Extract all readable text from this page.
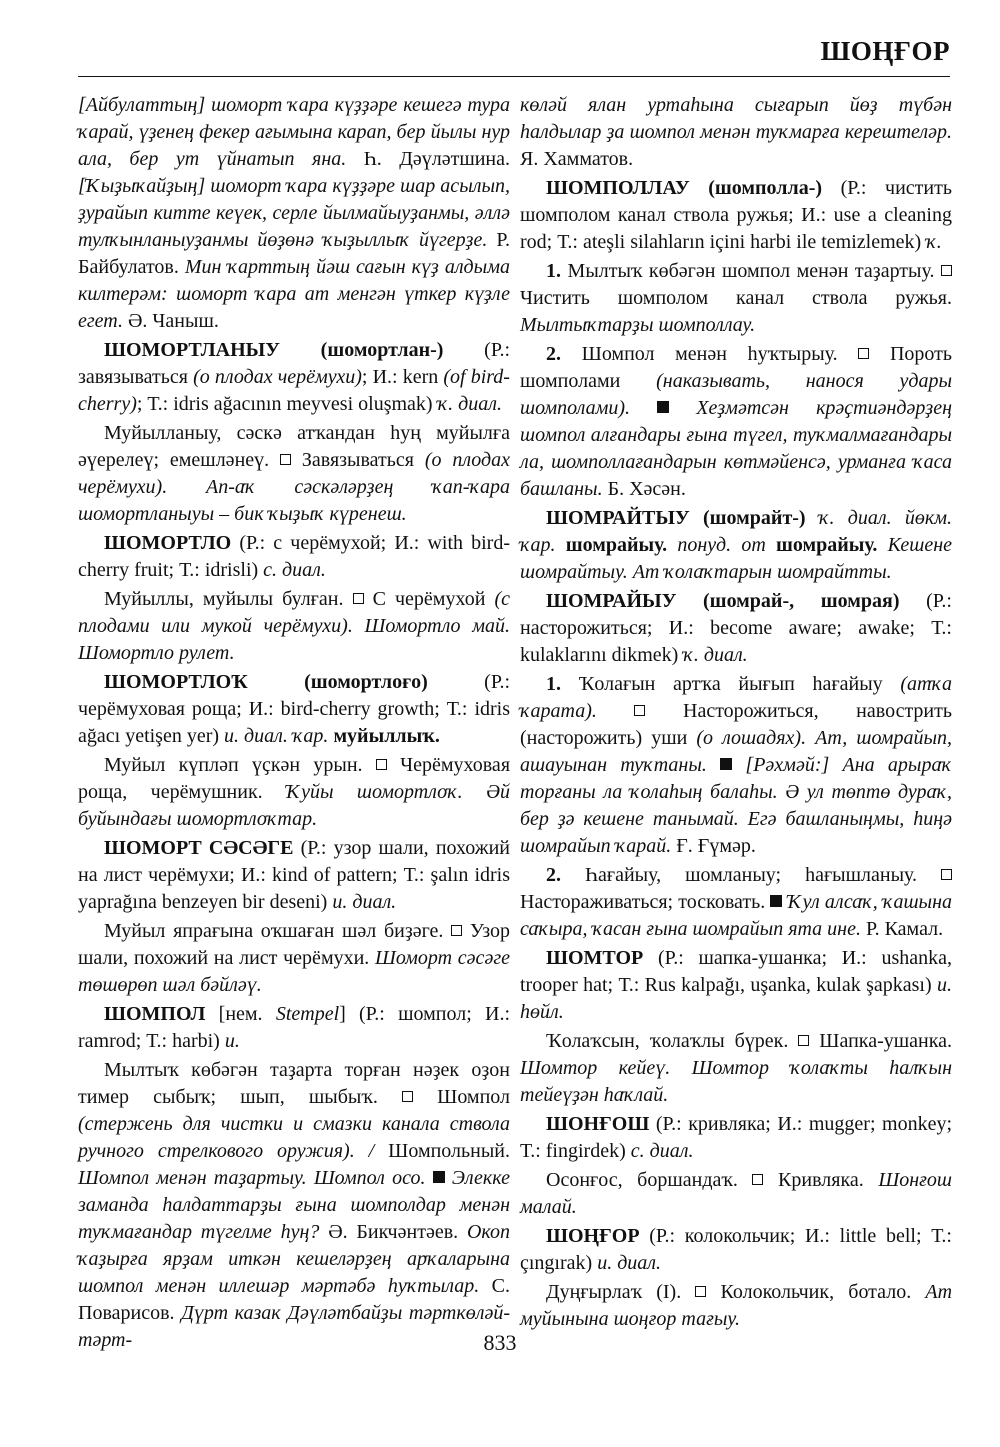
ШОҢҒОР

[Айбулаттың] шоморт ҡара күҙҙәре кешегә тура ҡарай, үҙенең фекер ағымына карап, бер йылы нур ала, бер ут үйнатып яна. Һ. Дәүләтшина. [Ҡыҙыҡайҙың] шоморт ҡара күҙҙәре шар асылып, ҙурайып китте кеүек, серле йылмайыуҙанмы, әллә тулҡынланыуҙанмы йөҙөнә ҡыҙыллыҡ йүгерҙе. Р. Байбулатов. Мин ҡарттың йәш сағын күҙ алдыма килтерәм: шоморт ҡара ат менгән үткер күҙле егет. Ә. Чаныш.

ШОМОРТЛАНЫУ (шомортлан-) (Р.: завязываться (о плодах черёмухи); И.: kern (of bird-cherry); Т.: idris ağacının meyvesi oluşmak) ҡ. диал.

Муйылланыу, сәскә атҡандан һуң муйылға әүерелеү; емешләнеү. Завязываться (о плодах черёмухи). Ап-аҡ сәскәләрҙең ҡап-ҡара шомортланыуы – бик ҡыҙыҡ күренеш.

ШОМОРТЛО (Р.: с черёмухой; И.: with bird-cherry fruit; Т.: idrisli) с. диал.

Муйыллы, муйылы булған. С черёмухой (с плодами или мукой черёмухи). Шомортло май. Шомортло рулет.

ШОМОРТЛОҠ (шомортлоғо) (Р.: черёмуховая роща; И.: bird-cherry growth; Т.: idris ağacı yetişen yer) и. диал. ҡар. муйыллыҡ.

Муйыл күпләп үҫкән урын. Черёмуховая роща, черёмушник. Ҡуйы шомортлоҡ. Әй буйындағы шомортлоҡтар.

ШОМОРТ СӘСӘГЕ (Р.: узор шали, похожий на лист черёмухи; И.: kind of pattern; Т.: şalın idris yaprağına benzeyen bir deseni) и. диал.

Муйыл япрағына оҡшаған шәл биҙәге. Узор шали, похожий на лист черёмухи. Шоморт сәсәге төшөрөп шәл бәйләү.

ШОМПОЛ [нем. Stempel] (Р.: шомпол; И.: ramrod; Т.: harbi) и.

Мылтыҡ көбәгән таҙарта торған нәҙек оҙон тимер сыбыҡ; шып, шыбыҡ.	Шомпол (стержень для чистки и смазки канала ствола ручного стрелкового оружия). / Шомпольный. Шомпол менән таҙартыу. Шомпол осо. Элекке заманда һалдаттарҙы ғына шомполдар менән туҡмағандар түгелме һуң? Ә. Бикчәнтәев. Окоп ҡаҙырға ярҙам иткән кешеләрҙең арҡаларына шомпол менән иллешәр мәртәбә һуҡтылар. С. Поварисов. Дүрт казак Дәүләтбайҙы тәрткөләй-тәрт-

көләй ялан уртаһына сығарып йөҙ түбән һалдылар ҙа шомпол менән туҡмарға керештеләр. Я. Хамматов.

ШОМПОЛЛАУ (шомполла-) (Р.: чистить шомполом канал ствола ружья; И.: use a cleaning rod; Т.: ateşli silahların içini harbi ile temizlemek) ҡ.

1. Мылтыҡ көбәгән шомпол менән таҙартыу.  Чистить шомполом канал ствола ружья. Мылтыҡтарҙы шомполлау.

2. Шомпол менән һуҡтырыу.	Пороть шомполами (наказывать, нанося удары шомполами).	Хеҙмәтсән крәҫтиәндәрҙең шомпол алғандары ғына түгел, туҡмалмағандары ла, шомполлағандарын көтмәйенсә, урманға ҡаса башланы. Б. Хәсән.

ШОМРАЙТЫУ (шомрайт-) ҡ. диал. йөкм. ҡар. шомрайыу. понуд. от шомрайыу. Кешене шомрайтыу. Ат ҡолаҡтарын шомрайтты.

ШОМРАЙЫУ (шомрай-, шомрая) (Р.: насторожиться; И.: become aware; awake; Т.: kulaklarını dikmek) ҡ. диал.

1. Ҡолағын артҡа йығып һағайыу (атҡа ҡарата).	Насторожиться, навострить (насторожить) уши (о лошадях). Ат, шомрайып, ашауынан туҡтаны. [Рәхмәй:] Ана арыраҡ торғаны ла ҡолаһың балаһы. Ә ул төптө дураҡ, бер ҙә кешене танымай. Егә башланыңмы, һиңә шомрайып ҡарай. Ғ. Ғүмәр.

2. Һағайыу, шомланыу; һағышланыу.  Настораживаться; тосковать. Ҡул алсаҡ, ҡашына саҡыра, ҡасан ғына шомрайып ята ине. Р. Камал.

ШОМТОР (Р.: шапка-ушанка; И.: ushanka, trooper hat; Т.: Rus kalpağı, uşanka, kulak şapkası) и. һөйл.

Ҡолаҡсын, ҡолаҡлы бүрек. Шапка-ушанка. Шомтор кейеү. Шомтор ҡолаҡты һалҡын тейеүҙән һаҡлай.

ШОНҒОШ (Р.: кривляка; И.: mugger; monkey; Т.: fingirdek) с. диал.

Осонғос, боршандаҡ. Кривляка. Шонғош малай.

ШОҢҒОР (Р.: колокольчик; И.: little bell; Т.: çıngırak) и. диал.

Дуңғырлаҡ (I). Колокольчик, ботало. Ат муйынына шоңғор тағыу.

833
